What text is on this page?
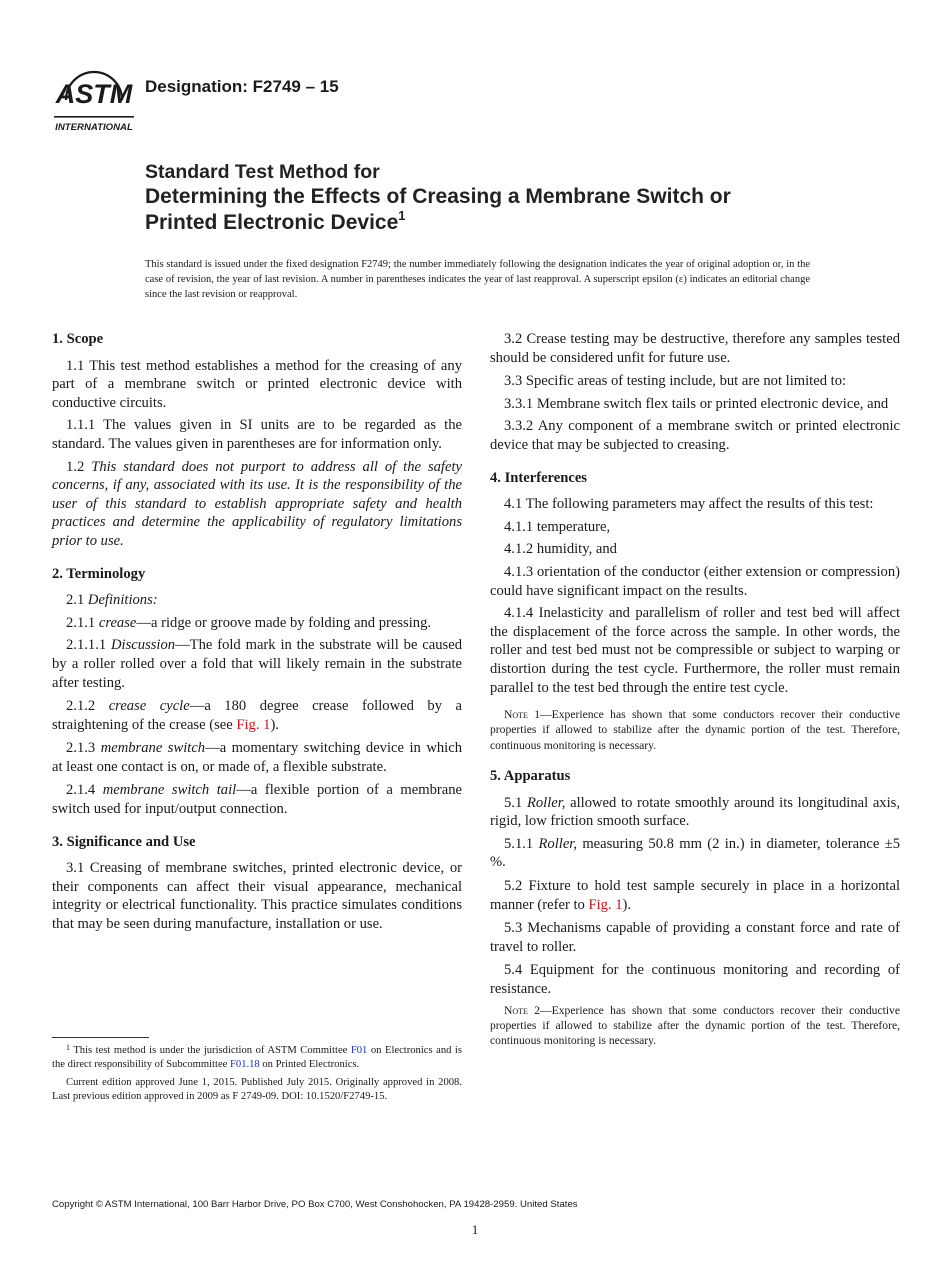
ASTM
INTERNATIONAL
Designation: F2749 – 15
Standard Test Method for
Determining the Effects of Creasing a Membrane Switch or
Printed Electronic Device$^1$
This standard is issued under the fixed designation F2749; the number immediately following the designation indicates the year of original adoption or, in the case of revision, the year of last revision. A number in parentheses indicates the year of last reapproval. A superscript epsilon (ε) indicates an editorial change since the last revision or reapproval.
1. Scope

1.1 This test method establishes a method for the creasing of any part of a membrane switch or printed electronic device with conductive circuits.

1.1.1 The values given in SI units are to be regarded as the standard. The values given in parentheses are for information only.

1.2 This standard does not purport to address all of the safety concerns, if any, associated with its use. It is the responsibility of the user of this standard to establish appropriate safety and health practices and determine the applicability of regulatory limitations prior to use.

2. Terminology

2.1 Definitions:

2.1.1 crease—a ridge or groove made by folding and pressing.

2.1.1.1 Discussion—The fold mark in the substrate will be caused by a roller rolled over a fold that will likely remain in the substrate after testing.

2.1.2 crease cycle—a 180 degree crease followed by a straightening of the crease (see Fig. 1).

2.1.3 membrane switch—a momentary switching device in which at least one contact is on, or made of, a flexible substrate.

2.1.4 membrane switch tail—a flexible portion of a membrane switch used for input/output connection.

3. Significance and Use

3.1 Creasing of membrane switches, printed electronic device, or their components can affect their visual appearance, mechanical integrity or electrical functionality. This practice simulates conditions that may be seen during manufacture, installation or use.

3.2 Crease testing may be destructive, therefore any samples tested should be considered unfit for future use.

3.3 Specific areas of testing include, but are not limited to:

3.3.1 Membrane switch flex tails or printed electronic device, and

3.3.2 Any component of a membrane switch or printed electronic device that may be subjected to creasing.

4. Interferences

4.1 The following parameters may affect the results of this test:

4.1.1 temperature,

4.1.2 humidity, and

4.1.3 orientation of the conductor (either extension or compression) could have significant impact on the results.

4.1.4 Inelasticity and parallelism of roller and test bed will affect the displacement of the force across the sample. In other words, the roller and test bed must not be compressible or subject to warping or distortion during the test cycle. Furthermore, the roller must remain parallel to the test bed through the entire test cycle.

Note 1—Experience has shown that some conductors recover their conductive properties if allowed to stabilize after the dynamic portion of the test. Therefore, continuous monitoring is necessary.

5. Apparatus

5.1 Roller, allowed to rotate smoothly around its longitudinal axis, rigid, low friction smooth surface.

5.1.1 Roller, measuring 50.8 mm (2 in.) in diameter, tolerance ±5 %.

5.2 Fixture to hold test sample securely in place in a horizontal manner (refer to Fig. 1).

5.3 Mechanisms capable of providing a constant force and rate of travel to roller.

5.4 Equipment for the continuous monitoring and recording of resistance.

Note 2—Experience has shown that some conductors recover their conductive properties if allowed to stabilize after the dynamic portion of the test. Therefore, continuous monitoring is necessary.

$^1$ This test method is under the jurisdiction of ASTM Committee F01 on Electronics and is the direct responsibility of Subcommittee F01.18 on Printed Electronics.

Current edition approved June 1, 2015. Published July 2015. Originally approved in 2008. Last previous edition approved in 2009 as F 2749-09. DOI: 10.1520/F2749-15.

Copyright © ASTM International, 100 Barr Harbor Drive, PO Box C700, West Conshohocken, PA 19428-2959. United States
1
